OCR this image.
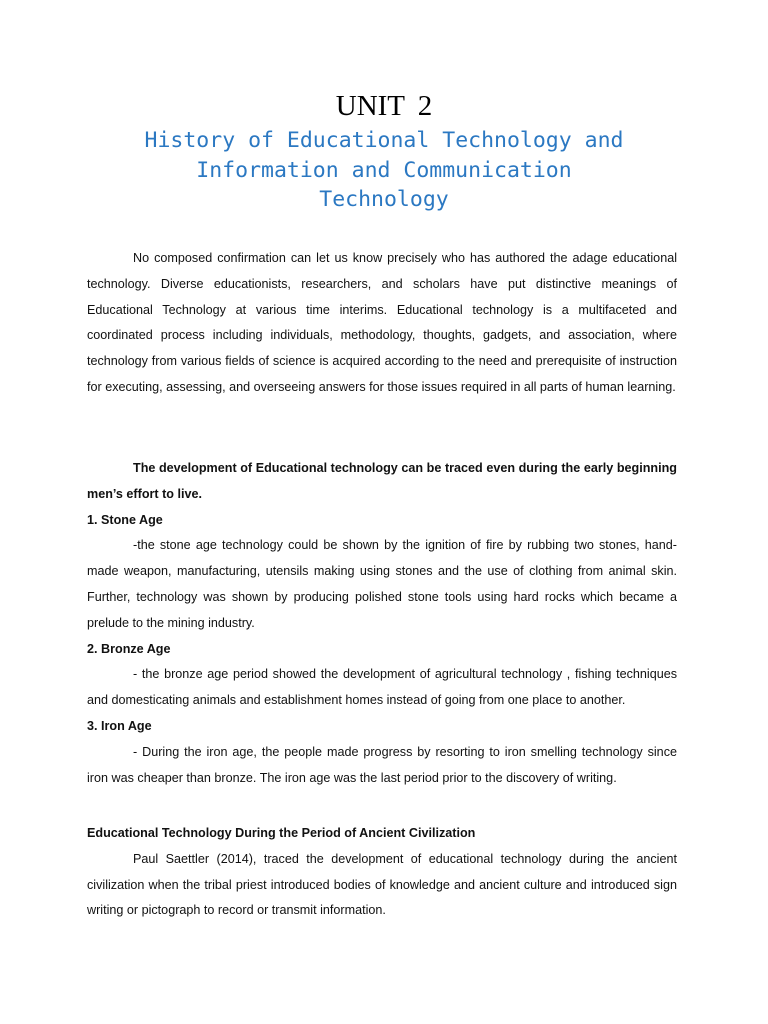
UNIT 2
History of Educational Technology and
Information and Communication
Technology

No composed confirmation can let us know precisely who has authored the adage educational technology. Diverse educationists, researchers, and scholars have put distinctive meanings of Educational Technology at various time interims. Educational technology is a multifaceted and coordinated process including individuals, methodology, thoughts, gadgets, and association, where technology from various fields of science is acquired according to the need and prerequisite of instruction for executing, assessing, and overseeing answers for those issues required in all parts of human learning.

The development of Educational technology can be traced even during the early beginning men’s effort to live.

1. Stone Age

-the stone age technology could be shown by the ignition of fire by rubbing two stones, hand-made weapon, manufacturing, utensils making using stones and the use of clothing from animal skin. Further, technology was shown by producing polished stone tools using hard rocks which became a prelude to the mining industry.

2. Bronze Age

- the bronze age period showed the development of agricultural technology , fishing techniques and domesticating animals and establishment homes instead of going from one place to another.

3. Iron Age

- During the iron age, the people made progress by resorting to iron smelling technology since iron was cheaper than bronze. The iron age was the last period prior to the discovery of writing.

Educational Technology During the Period of Ancient Civilization

Paul Saettler (2014), traced the development of educational technology during the ancient civilization when the tribal priest introduced bodies of knowledge and ancient culture and introduced sign writing or pictograph to record or transmit information.
